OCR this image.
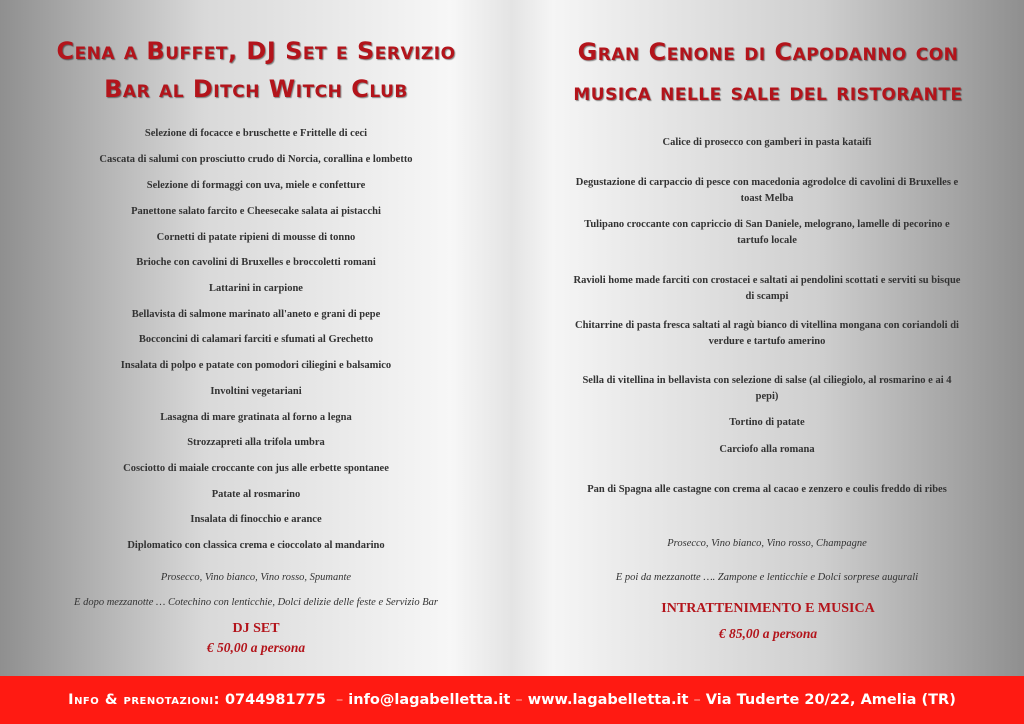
Cena a Buffet, DJ Set e Servizio
Bar al Ditch Witch Club
Selezione di focacce e bruschette e Frittelle di ceci
Cascata di salumi con prosciutto crudo di Norcia, corallina e lombetto
Selezione di formaggi con uva, miele e confetture
Panettone salato farcito e Cheesecake salata ai pistacchi
Cornetti di patate ripieni di mousse di tonno
Brioche con cavolini di Bruxelles e broccoletti romani
Lattarini in carpione
Bellavista di salmone marinato all'aneto e grani di pepe
Bocconcini di calamari farciti e sfumati al Grechetto
Insalata di polpo e patate con pomodori ciliegini e balsamico
Involtini vegetariani
Lasagna di mare gratinata al forno a legna
Strozzapreti alla trifola umbra
Cosciotto di maiale croccante con jus alle erbette spontanee
Patate al rosmarino
Insalata di finocchio e arance
Diplomatico con classica crema e cioccolato al mandarino
Prosecco, Vino bianco, Vino rosso, Spumante
E dopo mezzanotte … Cotechino con lenticchie, Dolci delizie delle feste e Servizio Bar
DJ SET
€ 50,00 a persona
Gran Cenone di Capodanno con
musica nelle sale del ristorante
Calice di prosecco con gamberi in pasta kataifi
Degustazione di carpaccio di pesce con macedonia agrodolce di cavolini di Bruxelles e toast Melba
Tulipano croccante con capriccio di San Daniele, melograno, lamelle di pecorino e tartufo locale
Ravioli home made farciti con crostacei e saltati ai pendolini scottati e serviti su bisque di scampi
Chitarrine di pasta fresca saltati al ragù bianco di vitellina mongana con coriandoli di verdure e tartufo amerino
Sella di vitellina in bellavista con selezione di salse (al ciliegiolo, al rosmarino e ai 4 pepi)
Tortino di patate
Carciofo alla romana
Pan di Spagna alle castagne con crema al cacao e zenzero e coulis freddo di ribes
Prosecco, Vino bianco, Vino rosso, Champagne
E poi da mezzanotte …. Zampone e lenticchie e Dolci sorprese augurali
INTRATTENIMENTO E MUSICA
€ 85,00 a persona
Info & prenotazioni: 0744981775 – info@lagabelletta.it – www.lagabelletta.it – Via Tuderte 20/22, Amelia (TR)
